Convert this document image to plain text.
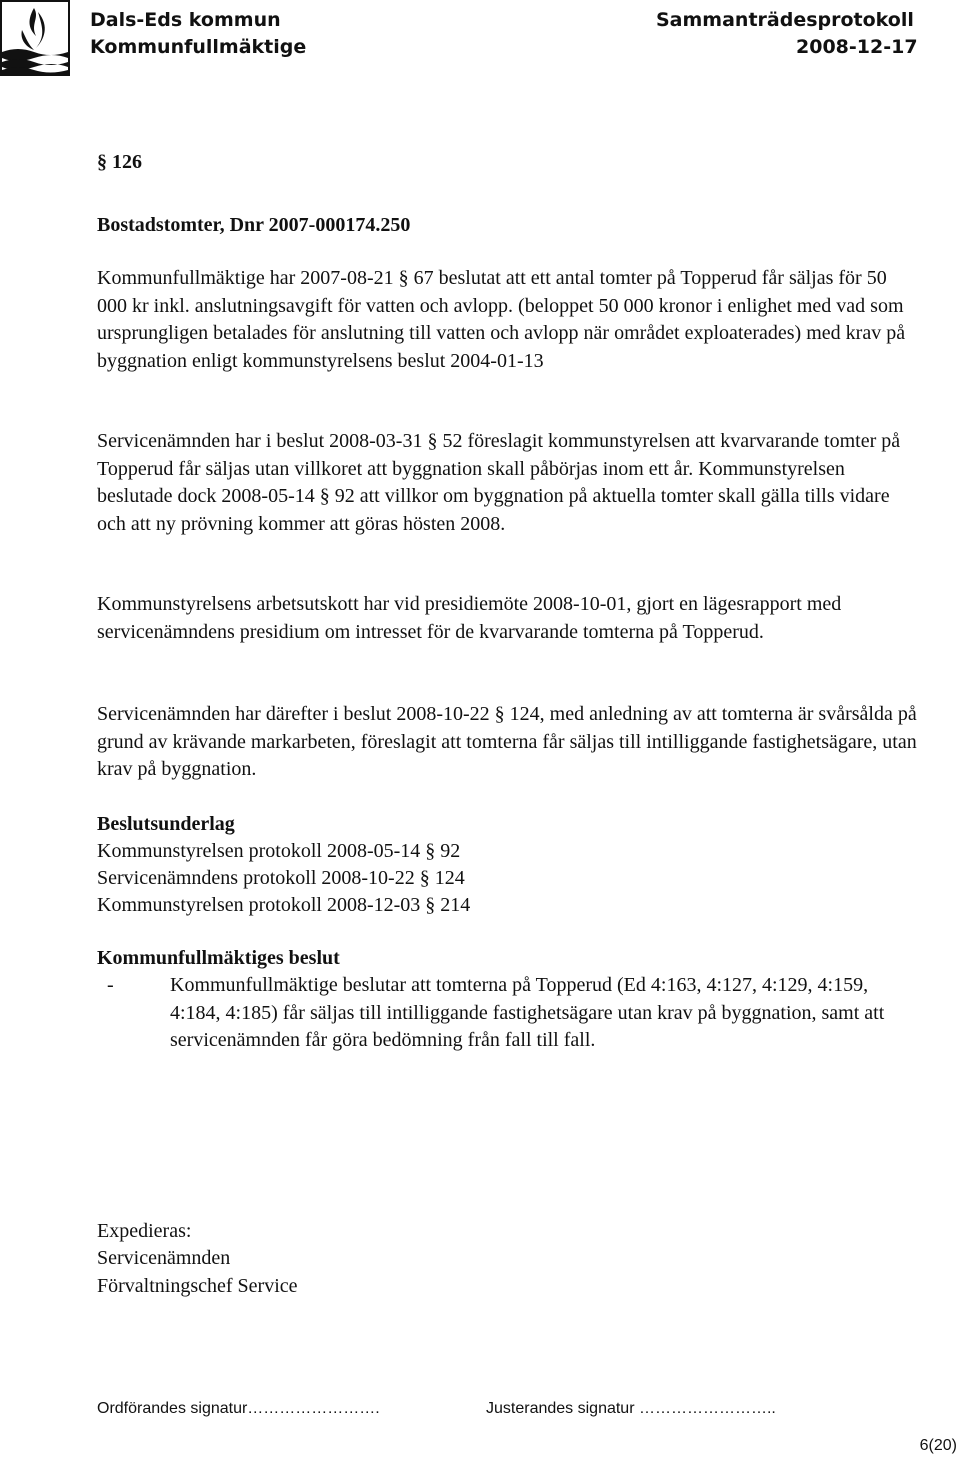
Dals-Eds kommun
Kommunfullmäktige
Sammanträdesprotokoll
2008-12-17
§ 126
Bostadstomter, Dnr 2007-000174.250

Kommunfullmäktige har 2007-08-21 § 67 beslutat att ett antal tomter på Topperud får säljas för 50 000 kr inkl. anslutningsavgift för vatten och avlopp. (beloppet 50 000 kronor i enlighet med vad som ursprungligen betalades för anslutning till vatten och avlopp när området exploaterades) med krav på byggnation enligt kommunstyrelsens beslut 2004-01-13

Servicenämnden har i beslut 2008-03-31 § 52 föreslagit kommunstyrelsen att kvarvarande tomter på Topperud får säljas utan villkoret att byggnation skall påbörjas inom ett år. Kommunstyrelsen beslutade dock 2008-05-14 § 92 att villkor om byggnation på aktuella tomter skall gälla tills vidare och att ny prövning kommer att göras hösten 2008.

Kommunstyrelsens arbetsutskott har vid presidiemöte 2008-10-01, gjort en lägesrapport med servicenämndens presidium om intresset för de kvarvarande tomterna på Topperud.

Servicenämnden har därefter i beslut 2008-10-22 § 124, med anledning av att tomterna är svårsålda på grund av krävande markarbeten, föreslagit att tomterna får säljas till intilliggande fastighetsägare, utan krav på byggnation.

Beslutsunderlag
Kommunstyrelsen protokoll 2008-05-14 § 92
Servicenämndens protokoll 2008-10-22 § 124
Kommunstyrelsen protokoll 2008-12-03 § 214
Kommunfullmäktiges beslut
-	Kommunfullmäktige beslutar att tomterna på Topperud (Ed 4:163, 4:127, 4:129, 4:159, 4:184, 4:185) får säljas till intilliggande fastighetsägare utan krav på byggnation, samt att servicenämnden får göra bedömning från fall till fall.
Expedieras:
Servicenämnden
Förvaltningschef Service
Ordförandes signatur…………………….	Justerandes signatur ……………………..
6(20)
